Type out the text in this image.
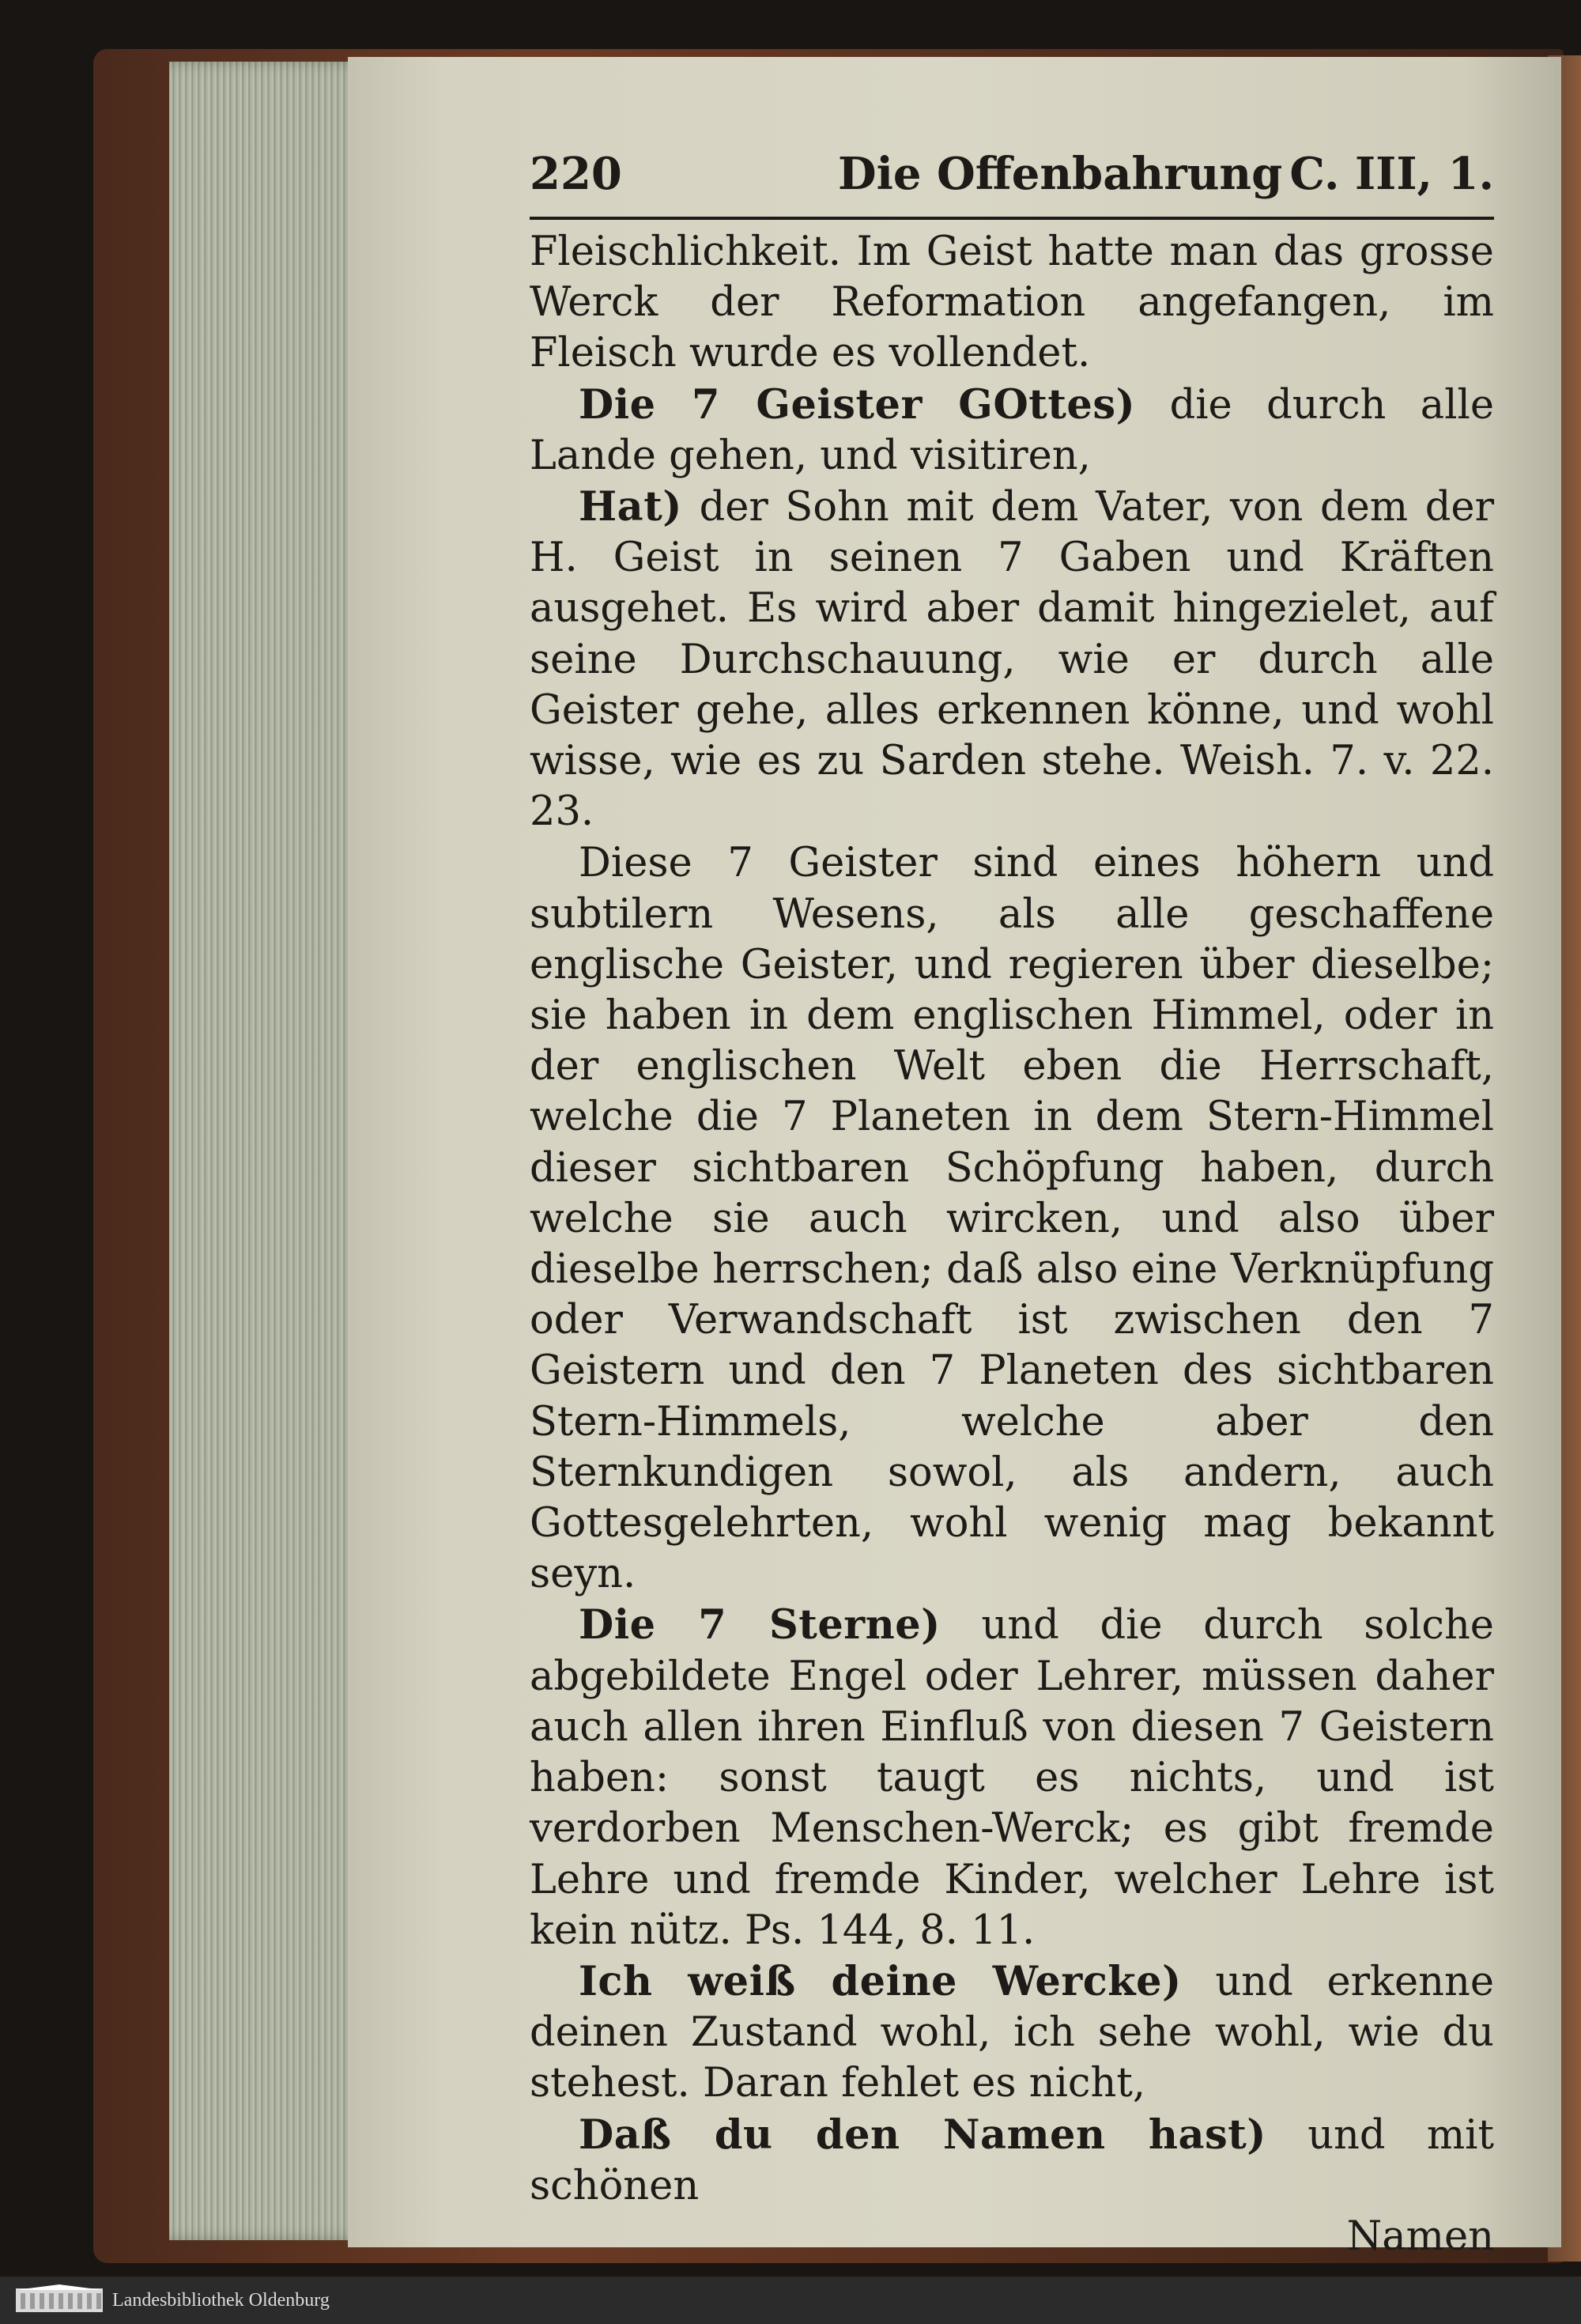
220	Die Offenbahrung C. III, 1.

Fleischlichkeit. Im Geist hatte man das grosse Werck der Reformation angefangen, im Fleisch wurde es vollendet.

Die 7 Geister GOttes) die durch alle Lande gehen, und visitiren,

Hat) der Sohn mit dem Vater, von dem der H. Geist in seinen 7 Gaben und Kräften ausgehet. Es wird aber damit hingezielet, auf seine Durchschauung, wie er durch alle Geister gehe, alles erkennen könne, und wohl wisse, wie es zu Sarden stehe. Weish. 7. v. 22. 23.

Diese 7 Geister sind eines höhern und subtilern Wesens, als alle geschaffene englische Geister, und regieren über dieselbe; sie haben in dem englischen Himmel, oder in der englischen Welt eben die Herrschaft, welche die 7 Planeten in dem Stern-Himmel dieser sichtbaren Schöpfung haben, durch welche sie auch wircken, und also über dieselbe herrschen; daß also eine Verknüpfung oder Verwandschaft ist zwischen den 7 Geistern und den 7 Planeten des sichtbaren Stern-Himmels, welche aber den Sternkundigen sowol, als andern, auch Gottesgelehrten, wohl wenig mag bekannt seyn.

Die 7 Sterne) und die durch solche abgebildete Engel oder Lehrer, müssen daher auch allen ihren Einfluß von diesen 7 Geistern haben: sonst taugt es nichts, und ist verdorben Menschen-Werck; es gibt fremde Lehre und fremde Kinder, welcher Lehre ist kein nütz. Ps. 144, 8. 11.

Ich weiß deine Wercke) und erkenne deinen Zustand wohl, ich sehe wohl, wie du stehest. Daran fehlet es nicht,

Daß du den Namen hast) und mit schönen

Namen
Landesbibliothek Oldenburg
